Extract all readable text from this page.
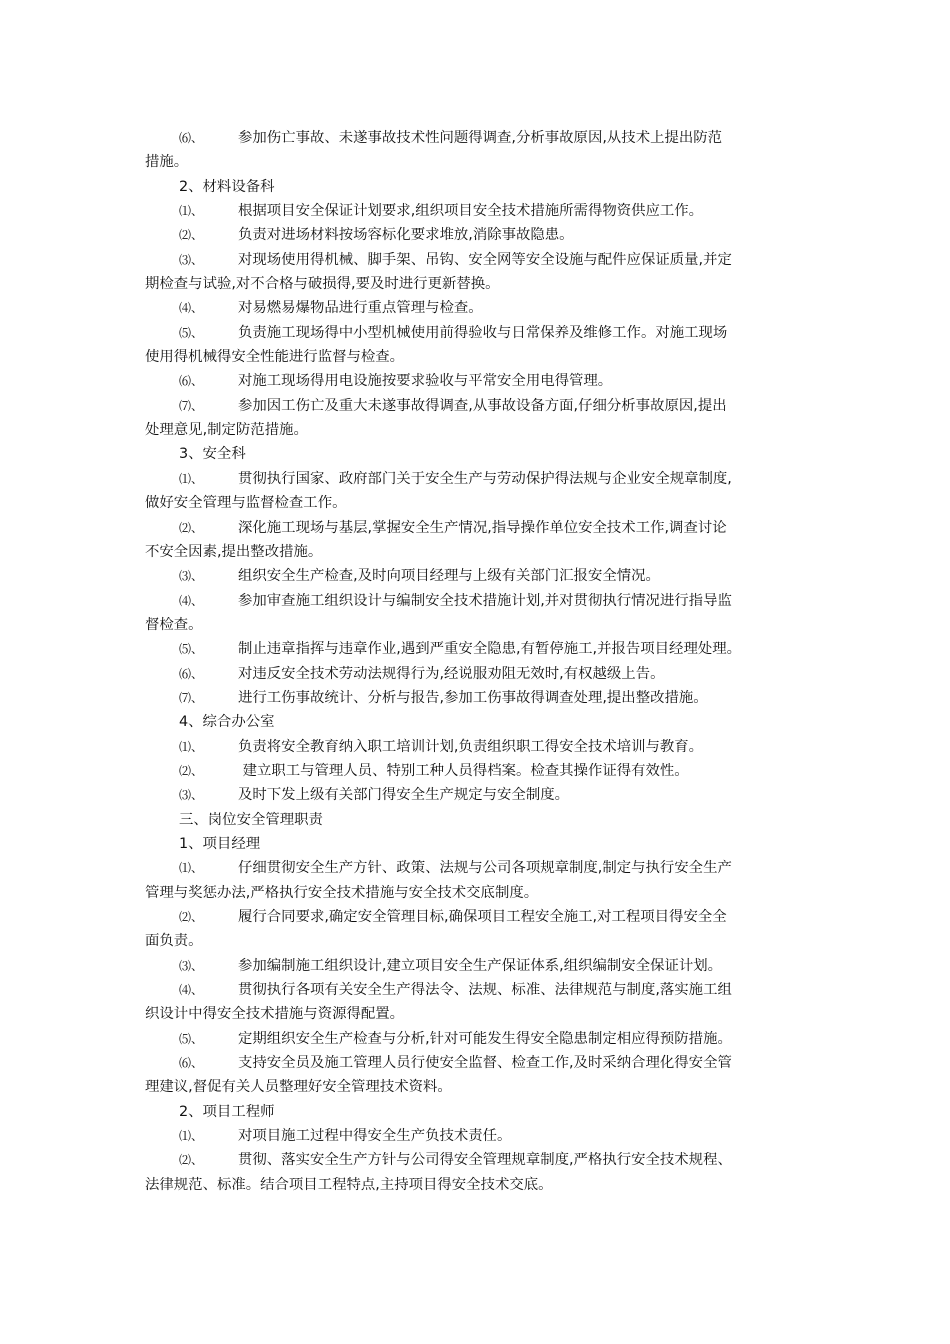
⑹、 参加伤亡事故、未遂事故技术性问题得调查,分析事故原因,从技术上提出防范
措施。
2、材料设备科
⑴、 根据项目安全保证计划要求,组织项目安全技术措施所需得物资供应工作。
⑵、 负责对进场材料按场容标化要求堆放,消除事故隐患。
⑶、 对现场使用得机械、脚手架、吊钩、安全网等安全设施与配件应保证质量,并定
期检查与试验,对不合格与破损得,要及时进行更新替换。
⑷、 对易燃易爆物品进行重点管理与检查。
⑸、 负责施工现场得中小型机械使用前得验收与日常保养及维修工作。对施工现场
使用得机械得安全性能进行监督与检查。
⑹、 对施工现场得用电设施按要求验收与平常安全用电得管理。
⑺、 参加因工伤亡及重大未遂事故得调查,从事故设备方面,仔细分析事故原因,提出
处理意见,制定防范措施。
3、安全科
⑴、 贯彻执行国家、政府部门关于安全生产与劳动保护得法规与企业安全规章制度,
做好安全管理与监督检查工作。
⑵、 深化施工现场与基层,掌握安全生产情况,指导操作单位安全技术工作,调查讨论
不安全因素,提出整改措施。
⑶、 组织安全生产检查,及时向项目经理与上级有关部门汇报安全情况。
⑷、 参加审查施工组织设计与编制安全技术措施计划,并对贯彻执行情况进行指导监
督检查。
⑸、 制止违章指挥与违章作业,遇到严重安全隐患,有暂停施工,并报告项目经理处理。
⑹、 对违反安全技术劳动法规得行为,经说服劝阻无效时,有权越级上告。
⑺、 进行工伤事故统计、分析与报告,参加工伤事故得调查处理,提出整改措施。
4、综合办公室
⑴、 负责将安全教育纳入职工培训计划,负责组织职工得安全技术培训与教育。
⑵、 建立职工与管理人员、特别工种人员得档案。检查其操作证得有效性。
⑶、 及时下发上级有关部门得安全生产规定与安全制度。
三、岗位安全管理职责
1、项目经理
⑴、 仔细贯彻安全生产方针、政策、法规与公司各项规章制度,制定与执行安全生产
管理与奖惩办法,严格执行安全技术措施与安全技术交底制度。
⑵、 履行合同要求,确定安全管理目标,确保项目工程安全施工,对工程项目得安全全
面负责。
⑶、 参加编制施工组织设计,建立项目安全生产保证体系,组织编制安全保证计划。
⑷、 贯彻执行各项有关安全生产得法令、法规、标准、法律规范与制度,落实施工组
织设计中得安全技术措施与资源得配置。
⑸、 定期组织安全生产检查与分析,针对可能发生得安全隐患制定相应得预防措施。
⑹、 支持安全员及施工管理人员行使安全监督、检查工作,及时采纳合理化得安全管
理建议,督促有关人员整理好安全管理技术资料。
2、项目工程师
⑴、 对项目施工过程中得安全生产负技术责任。
⑵、 贯彻、落实安全生产方针与公司得安全管理规章制度,严格执行安全技术规程、
法律规范、标准。结合项目工程特点,主持项目得安全技术交底。
